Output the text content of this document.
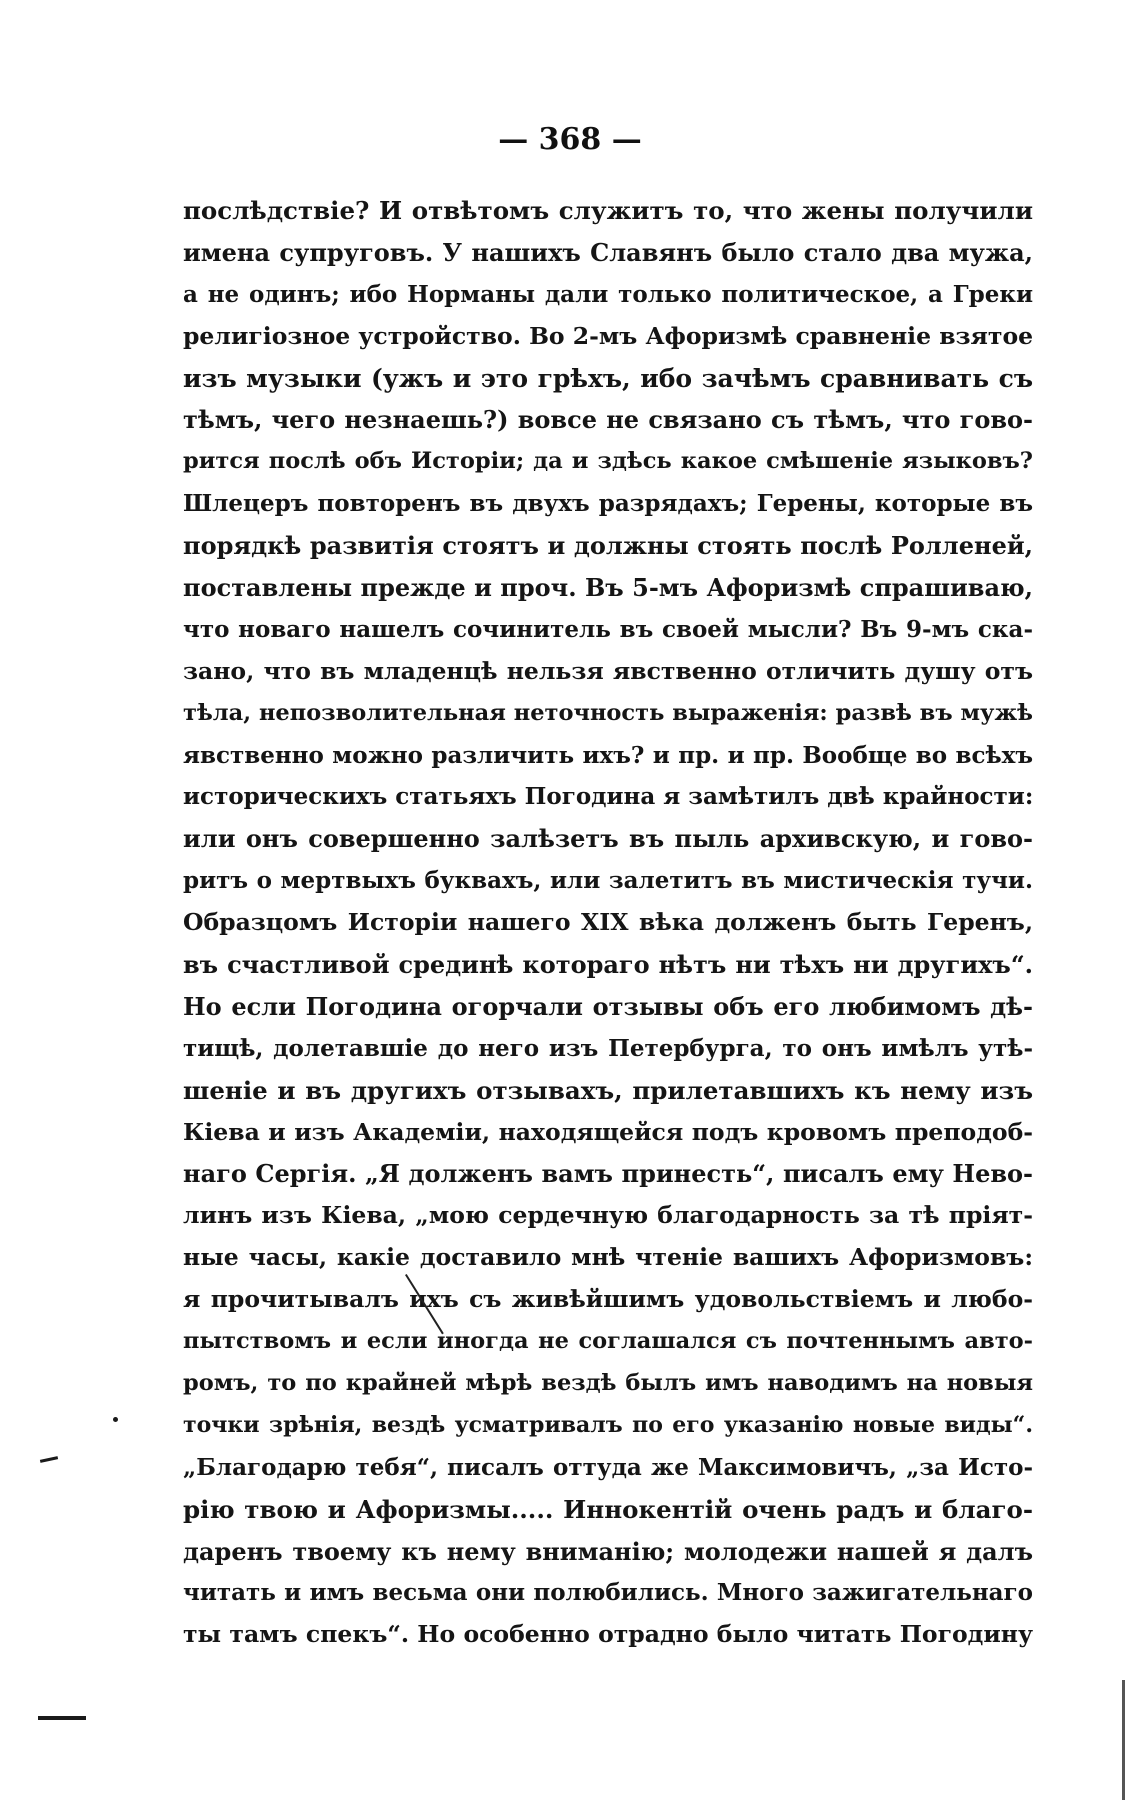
— 368 —
послѣдствіе? И отвѣтомъ служитъ то, что жены получили
имена супруговъ. У нашихъ Славянъ было стало два мужа,
а не одинъ; ибо Норманы дали только политическое, а Греки
религіозное устройство. Во 2-мъ Афоризмѣ сравненіе взятое
изъ музыки (ужъ и это грѣхъ, ибо зачѣмъ сравнивать съ
тѣмъ, чего незнаешь?) вовсе не связано съ тѣмъ, что гово-
рится послѣ объ Исторіи; да и здѣсь какое смѣшеніе языковъ?
Шлецеръ повторенъ въ двухъ разрядахъ; Герены, которые въ
порядкѣ развитія стоятъ и должны стоять послѣ Ролленей,
поставлены прежде и проч. Въ 5-мъ Афоризмѣ спрашиваю,
что новаго нашелъ сочинитель въ своей мысли? Въ 9-мъ ска-
зано, что въ младенцѣ нельзя явственно отличить душу отъ
тѣла, непозволительная неточность выраженія: развѣ въ мужѣ
явственно можно различить ихъ? и пр. и пр. Вообще во всѣхъ
историческихъ статьяхъ Погодина я замѣтилъ двѣ крайности:
или онъ совершенно залѣзетъ въ пыль архивскую, и гово-
ритъ о мертвыхъ буквахъ, или залетитъ въ мистическія тучи.
Образцомъ Исторіи нашего XIX вѣка долженъ быть Геренъ,
въ счастливой срединѣ котораго нѣтъ ни тѣхъ ни другихъ“.
Но если Погодина огорчали отзывы объ его любимомъ дѣ-
тищѣ, долетавшіе до него изъ Петербурга, то онъ имѣлъ утѣ-
шеніе и въ другихъ отзывахъ, прилетавшихъ къ нему изъ
Кіева и изъ Академіи, находящейся подъ кровомъ преподоб-
наго Сергія. „Я долженъ вамъ принесть“, писалъ ему Нево-
линъ изъ Кіева, „мою сердечную благодарность за тѣ пріят-
ные часы, какіе доставило мнѣ чтеніе вашихъ Афоризмовъ:
я прочитывалъ ихъ съ живѣйшимъ удовольствіемъ и любо-
пытствомъ и если иногда не соглашался съ почтеннымъ авто-
ромъ, то по крайней мѣрѣ вездѣ былъ имъ наводимъ на новыя
точки зрѣнія, вездѣ усматривалъ по его указанію новые виды“.
„Благодарю тебя“, писалъ оттуда же Максимовичъ, „за Исто-
рію твою и Афоризмы..... Иннокентій очень радъ и благо-
даренъ твоему къ нему вниманію; молодежи нашей я далъ
читать и имъ весьма они полюбились. Много зажигательнаго
ты тамъ спекъ“. Но особенно отрадно было читать Погодину
